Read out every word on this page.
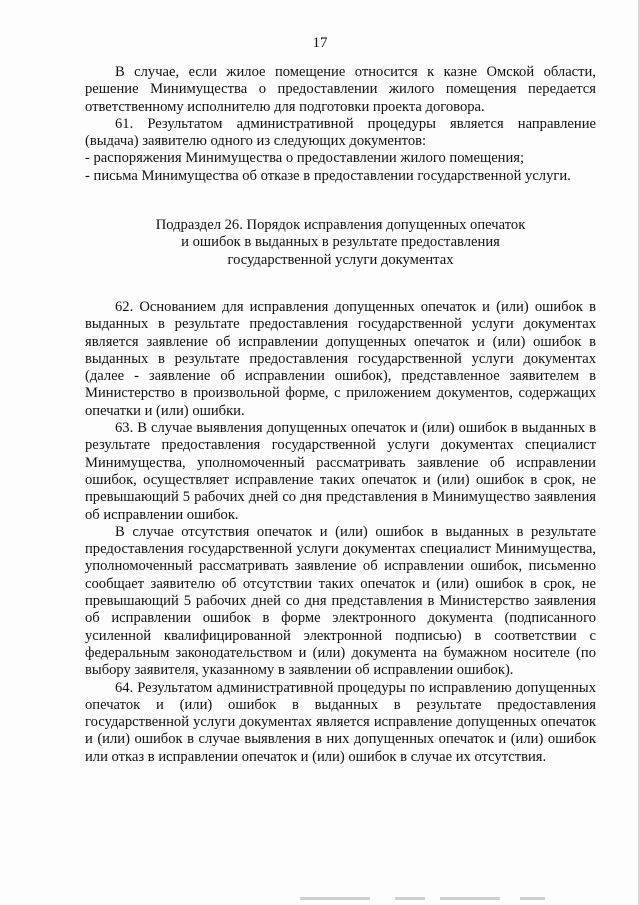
17

В случае, если жилое помещение относится к казне Омской области, решение Минимущества о предоставлении жилого помещения передается ответственному исполнителю для подготовки проекта договора.

61. Результатом административной процедуры является направление (выдача) заявителю одного из следующих документов:

- распоряжения Минимущества о предоставлении жилого помещения;

- письма Минимущества об отказе в предоставлении государственной услуги.

Подраздел 26. Порядок исправления допущенных опечаток
и ошибок в выданных в результате предоставления
государственной услуги документах

62. Основанием для исправления допущенных опечаток и (или) ошибок в выданных в результате предоставления государственной услуги документах является заявление об исправлении допущенных опечаток и (или) ошибок в выданных в результате предоставления государственной услуги документах (далее - заявление об исправлении ошибок), представленное заявителем в Министерство в произвольной форме, с приложением документов, содержащих опечатки и (или) ошибки.

63. В случае выявления допущенных опечаток и (или) ошибок в выданных в результате предоставления государственной услуги документах специалист Минимущества, уполномоченный рассматривать заявление об исправлении ошибок, осуществляет исправление таких опечаток и (или) ошибок в срок, не превышающий 5 рабочих дней со дня представления в Минимущество заявления об исправлении ошибок.

В случае отсутствия опечаток и (или) ошибок в выданных в результате предоставления государственной услуги документах специалист Минимущества, уполномоченный рассматривать заявление об исправлении ошибок, письменно сообщает заявителю об отсутствии таких опечаток и (или) ошибок в срок, не превышающий 5 рабочих дней со дня представления в Министерство заявления об исправлении ошибок в форме электронного документа (подписанного усиленной квалифицированной электронной подписью) в соответствии с федеральным законодательством и (или) документа на бумажном носителе (по выбору заявителя, указанному в заявлении об исправлении ошибок).

64. Результатом административной процедуры по исправлению допущенных опечаток и (или) ошибок в выданных в результате предоставления государственной услуги документах является исправление допущенных опечаток и (или) ошибок в случае выявления в них допущенных опечаток и (или) ошибок или отказ в исправлении опечаток и (или) ошибок в случае их отсутствия.
